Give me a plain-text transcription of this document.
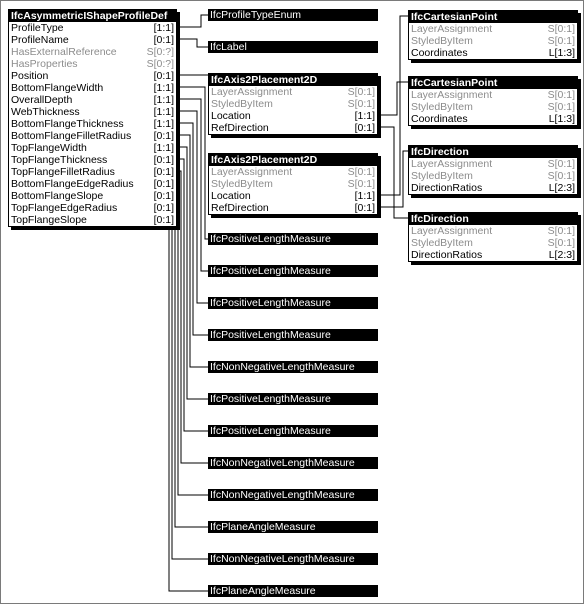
IfcAsymmetricIShapeProfileDef
ProfileType	[1:1]
ProfileName	[0:1]
HasExternalReference	S[0:?]
HasProperties	S[0:?]
Position	[0:1]
BottomFlangeWidth	[1:1]
OverallDepth	[1:1]
WebThickness	[1:1]
BottomFlangeThickness	[1:1]
BottomFlangeFilletRadius [0:1]
TopFlangeWidth	[1:1]
TopFlangeThickness	[0:1]
TopFlangeFilletRadius	[0:1]
BottomFlangeEdgeRadius [0:1]
BottomFlangeSlope	[0:1]
TopFlangeEdgeRadius	[0:1]
TopFlangeSlope	[0:1]
IfcAxis2Placement2D
LayerAssignment	S[0:1]
StyledByItem	S[0:1]
Location	[1:1]
RefDirection	[0:1]
IfcAxis2Placement2D
LayerAssignment	S[0:1]
StyledByItem	S[0:1]
Location	[1:1]
RefDirection	[0:1]
IfcCartesianPoint
LayerAssignment	S[0:1]
StyledByItem	S[0:1]
Coordinates	L[1:3]
IfcCartesianPoint
LayerAssignment	S[0:1]
StyledByItem	S[0:1]
Coordinates	L[1:3]
IfcDirection
LayerAssignment	S[0:1]
StyledByItem	S[0:1]
DirectionRatios	L[2:3]
IfcDirection
LayerAssignment	S[0:1]
StyledByItem	S[0:1]
DirectionRatios	L[2:3]
IfcProfileTypeEnum
IfcLabel
IfcPositiveLengthMeasure
IfcPositiveLengthMeasure
IfcPositiveLengthMeasure
IfcPositiveLengthMeasure
IfcNonNegativeLengthMeasure
IfcPositiveLengthMeasure
IfcPositiveLengthMeasure
IfcNonNegativeLengthMeasure
IfcNonNegativeLengthMeasure
IfcPlaneAngleMeasure
IfcNonNegativeLengthMeasure
IfcPlaneAngleMeasure
